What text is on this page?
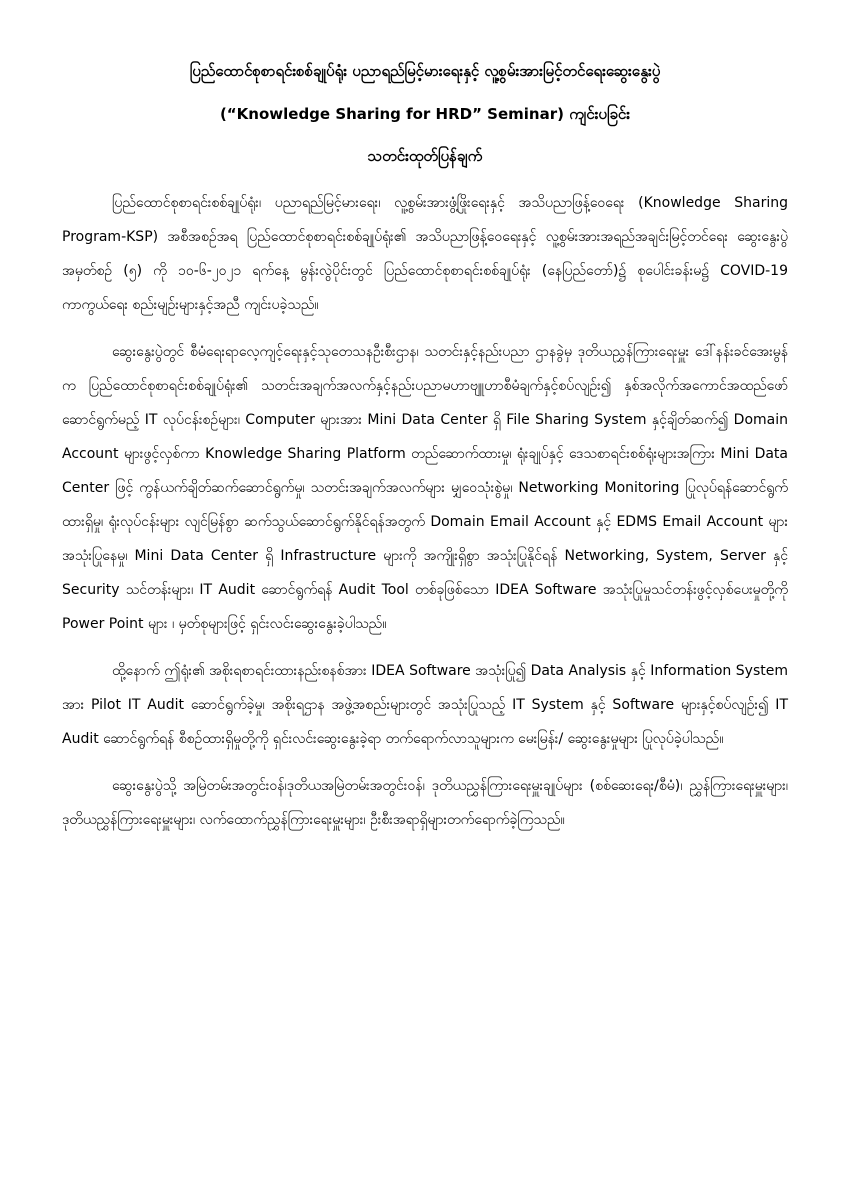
ပြည်ထောင်စုစာရင်းစစ်ချုပ်ရုံး ပညာရည်မြင့်မားရေးနှင့် လူ့စွမ်းအားမြင့်တင်ရေးဆွေးနွေးပွဲ
(“Knowledge Sharing for HRD” Seminar) ကျင်းပခြင်း
သတင်းထုတ်ပြန်ချက်

ပြည်ထောင်စုစာရင်းစစ်ချုပ်ရုံး၊ ပညာရည်မြင့်မားရေး၊ လူ့စွမ်းအားဖွံ့ဖြိုးရေးနှင့် အသိပညာဖြန့်ဝေရေး (Knowledge Sharing Program-KSP) အစီအစဉ်အရ ပြည်ထောင်စုစာရင်းစစ်ချုပ်ရုံး၏ အသိပညာဖြန့်ဝေရေးနှင့် လူ့စွမ်းအားအရည်အချင်းမြင့်တင်ရေး ဆွေးနွေးပွဲအမှတ်စဉ် (၅) ကို ၁၀-၆-၂၀၂၁ ရက်နေ့ မွန်းလွဲပိုင်းတွင် ပြည်ထောင်စုစာရင်းစစ်ချုပ်ရုံး (နေပြည်တော်)၌ စုပေါင်းခန်းမ၌ COVID-19 ကာကွယ်ရေး စည်းမျဉ်းများနှင့်အညီ ကျင်းပခဲ့သည်။

ဆွေးနွေးပွဲတွင် စီမံရေးရာလေ့ကျင့်ရေးနှင့်သုတေသနဦးစီးဌာန၊ သတင်းနှင့်နည်းပညာ ဌာနခွဲမှ ဒုတိယညွှန်ကြားရေးမှူး ဒေါ်နန်းခင်အေးမွန်က ပြည်ထောင်စုစာရင်းစစ်ချုပ်ရုံး၏ သတင်းအချက်အလက်နှင့်နည်းပညာမဟာဗျူဟာစီမံချက်နှင့်စပ်လျဉ်း၍ နှစ်အလိုက်အကောင်အထည်ဖော်ဆောင်ရွက်မည့် IT လုပ်ငန်းစဉ်များ၊ Computer များအား Mini Data Center ရှိ File Sharing System နှင့်ချိတ်ဆက်၍ Domain Account များဖွင့်လှစ်ကာ Knowledge Sharing Platform တည်ဆောက်ထားမှု၊ ရုံးချုပ်နှင့် ဒေသစာရင်းစစ်ရုံးများအကြား Mini Data Center ဖြင့် ကွန်ယက်ချိတ်ဆက်ဆောင်ရွက်မှု၊ သတင်းအချက်အလက်များ မျှဝေသုံးစွဲမှု၊ Networking Monitoring ပြုလုပ်ရန်ဆောင်ရွက်ထားရှိမှု၊ ရုံးလုပ်ငန်းများ လျင်မြန်စွာ ဆက်သွယ်ဆောင်ရွက်နိုင်ရန်အတွက် Domain Email Account နှင့် EDMS Email Account များ အသုံးပြုနေမှု၊ Mini Data Center ရှိ Infrastructure များကို အကျိုးရှိစွာ အသုံးပြုနိုင်ရန် Networking, System, Server နှင့် Security သင်တန်းများ၊ IT Audit ဆောင်ရွက်ရန် Audit Tool တစ်ခုဖြစ်သော IDEA Software အသုံးပြုမှုသင်တန်းဖွင့်လှစ်ပေးမှုတို့ကို Power Point များ ၊ မှတ်စုများဖြင့် ရှင်းလင်းဆွေးနွေးခဲ့ပါသည်။

ထို့နောက် ဤရုံး၏ အစိုးရစာရင်းထားနည်းစနစ်အား IDEA Software အသုံးပြု၍ Data Analysis နှင့် Information System အား Pilot IT Audit ဆောင်ရွက်ခဲ့မှု၊ အစိုးရဌာန အဖွဲ့အစည်းများတွင် အသုံးပြုသည့် IT System နှင့် Software များနှင့်စပ်လျဉ်း၍ IT Audit ဆောင်ရွက်ရန် စီစဉ်ထားရှိမှုတို့ကို ရှင်းလင်းဆွေးနွေးခဲ့ရာ တက်ရောက်လာသူများက မေးမြန်း/ ဆွေးနွေးမှုများ ပြုလုပ်ခဲ့ပါသည်။

ဆွေးနွေးပွဲသို့ အမြဲတမ်းအတွင်းဝန်၊ဒုတိယအမြဲတမ်းအတွင်းဝန်၊ ဒုတိယညွှန်ကြားရေးမှူးချုပ်များ (စစ်ဆေးရေး/စီမံ)၊ ညွှန်ကြားရေးမှူးများ၊ ဒုတိယညွှန်ကြားရေးမှူးများ၊ လက်ထောက်ညွှန်ကြားရေးမှူးများ၊ ဦးစီးအရာရှိများတက်ရောက်ခဲ့ကြသည်။
